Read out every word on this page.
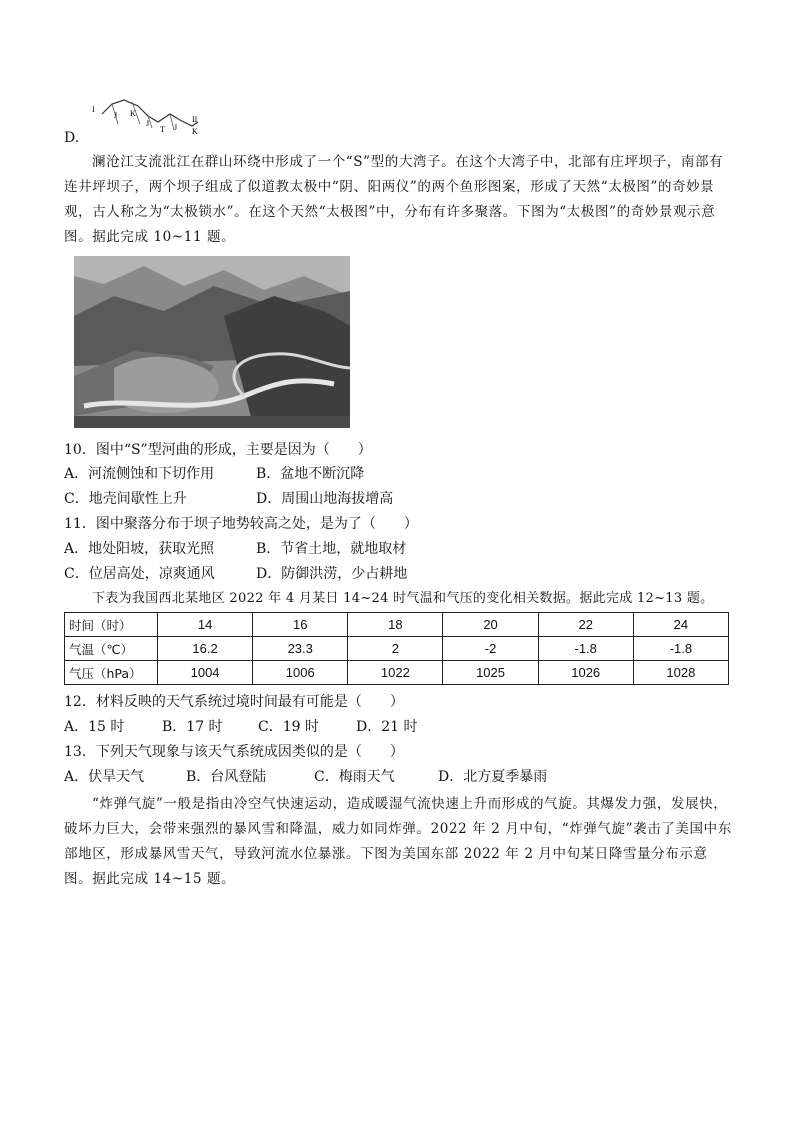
I
J K
J
T J
II
K
D.
澜沧江支流沘江在群山环绕中形成了一个“S”型的大湾子。在这个大湾子中，北部有庄坪坝子，南部有连井坪坝子，两个坝子组成了似道教太极中“阴、阳两仪”的两个鱼形图案，形成了天然“太极图”的奇妙景观，古人称之为“太极锁水”。在这个天然“太极图”中，分布有许多聚落。下图为“太极图”的奇妙景观示意图。据此完成 10~11 题。
10．图中“S”型河曲的形成，主要是因为（　　）
A．河流侧蚀和下切作用	B．盆地不断沉降
C．地壳间歇性上升	D．周围山地海拔增高
11．图中聚落分布于坝子地势较高之处，是为了（　　）
A．地处阳坡，获取光照	B．节省土地，就地取材
C．位居高处，凉爽通风	D．防御洪涝，少占耕地
下表为我国西北某地区 2022 年 4 月某日 14~24 时气温和气压的变化相关数据。据此完成 12~13 题。
时间（时）	14	16	18	20	22	24
气温（℃）	16.2	23.3	2	-2	-1.8	-1.8
气压（hPa）	1004	1006	1022	1025	1026	1028
12．材料反映的天气系统过境时间最有可能是（　　）
A．15 时	B．17 时	C．19 时	D．21 时
13．下列天气现象与该天气系统成因类似的是（　　）
A．伏旱天气	B．台风登陆	C．梅雨天气	D．北方夏季暴雨
“炸弹气旋”一般是指由冷空气快速运动，造成暖湿气流快速上升而形成的气旋。其爆发力强，发展快，破坏力巨大，会带来强烈的暴风雪和降温，威力如同炸弹。2022 年 2 月中旬，“炸弹气旋”袭击了美国中东部地区，形成暴风雪天气，导致河流水位暴涨。下图为美国东部 2022 年 2 月中旬某日降雪量分布示意图。据此完成 14~15 题。
